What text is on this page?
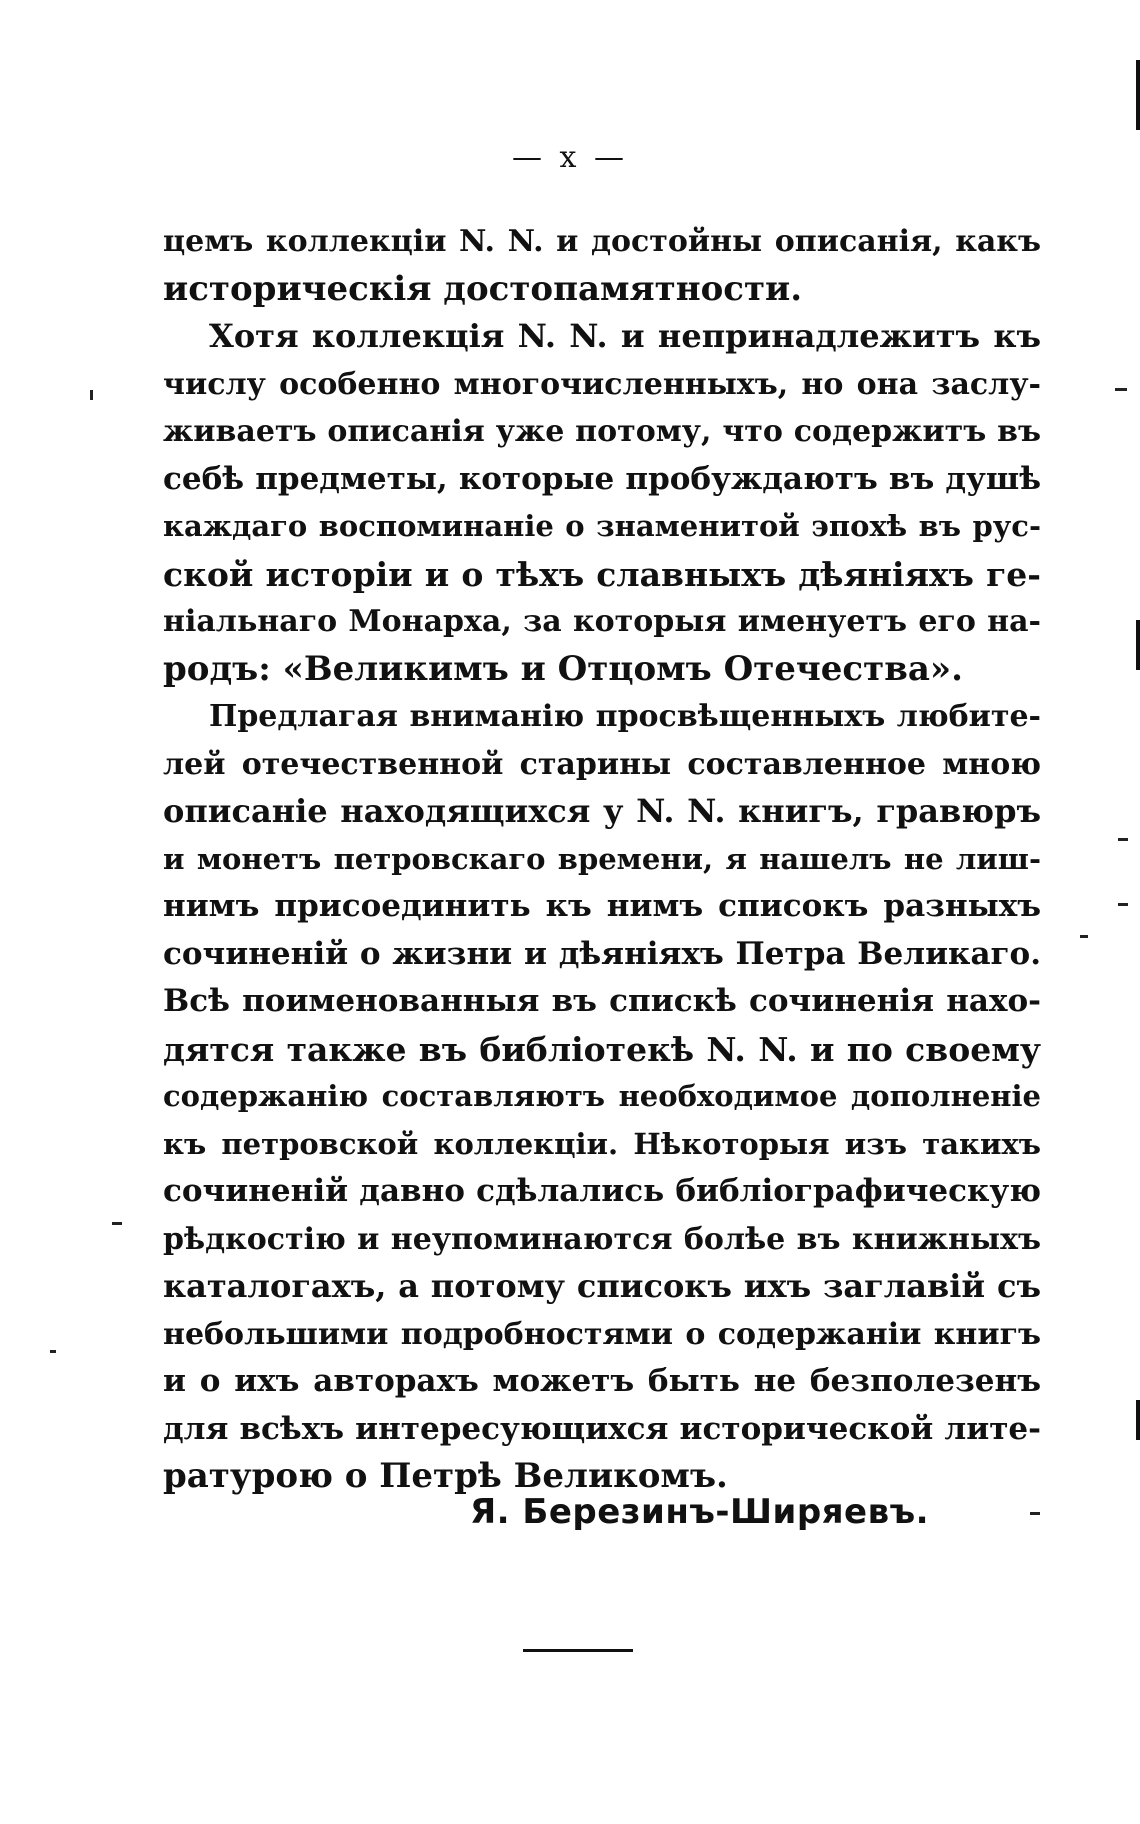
— x —
цемъ коллекціи N. N. и достойны описанія, какъ
историческія достопамятности.
Хотя коллекція N. N. и непринадлежитъ къ
числу особенно многочисленныхъ, но она заслу-
живаетъ описанія уже потому, что содержитъ въ
себѣ предметы, которые пробуждаютъ въ душѣ
каждаго воспоминаніе о знаменитой эпохѣ въ рус-
ской исторіи и о тѣхъ славныхъ дѣяніяхъ ге-
ніальнаго Монарха, за которыя именуетъ его на-
родъ: «Великимъ и Отцомъ Отечества».
Предлагая вниманію просвѣщенныхъ любите-
лей отечественной старины составленное мною
описаніе находящихся у N. N. книгъ, гравюръ
и монетъ петровскаго времени, я нашелъ не лиш-
нимъ присоединить къ нимъ списокъ разныхъ
сочиненій о жизни и дѣяніяхъ Петра Великаго.
Всѣ поименованныя въ спискѣ сочиненія нахо-
дятся также въ библіотекѣ N. N. и по своему
содержанію составляютъ необходимое дополненіе
къ петровской коллекціи. Нѣкоторыя изъ такихъ
сочиненій давно сдѣлались библіографическую
рѣдкостію и неупоминаются болѣе въ книжныхъ
каталогахъ, а потому списокъ ихъ заглавій съ
небольшими подробностями о содержаніи книгъ
и о ихъ авторахъ можетъ быть не безполезенъ
для всѣхъ интересующихся исторической лите-
ратурою о Петрѣ Великомъ.
Я. Березинъ-Ширяевъ.
